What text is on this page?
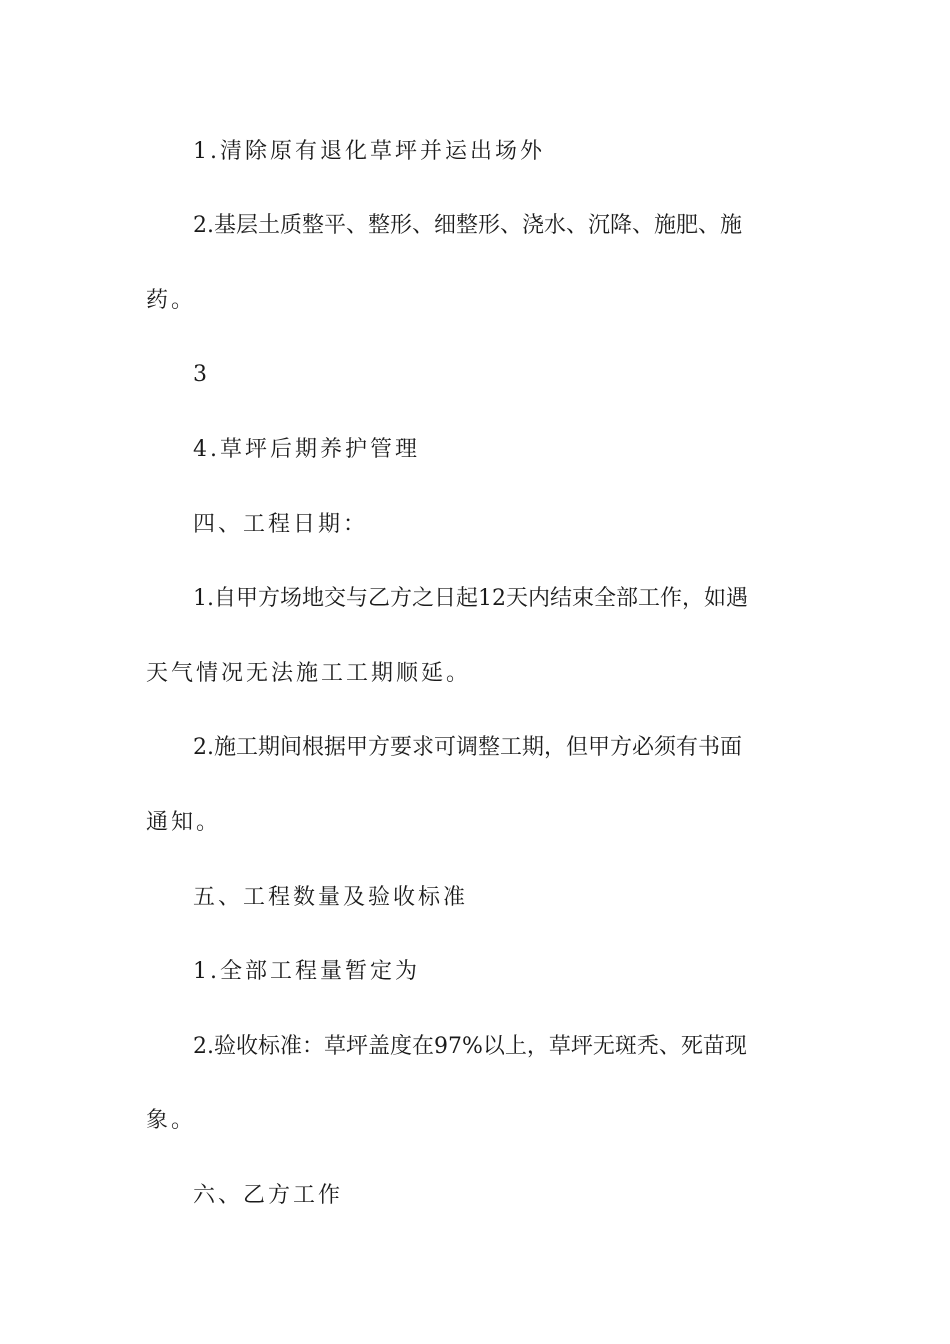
1.清除原有退化草坪并运出场外
2.基层土质整平、整形、细整形、浇水、沉降、施肥、施
药。
3
4.草坪后期养护管理
四、工程日期：
1.自甲方场地交与乙方之日起12天内结束全部工作，如遇
天气情况无法施工工期顺延。
2.施工期间根据甲方要求可调整工期，但甲方必须有书面
通知。
五、工程数量及验收标准
1.全部工程量暂定为
2.验收标准：草坪盖度在97%以上，草坪无斑秃、死苗现
象。
六、乙方工作
